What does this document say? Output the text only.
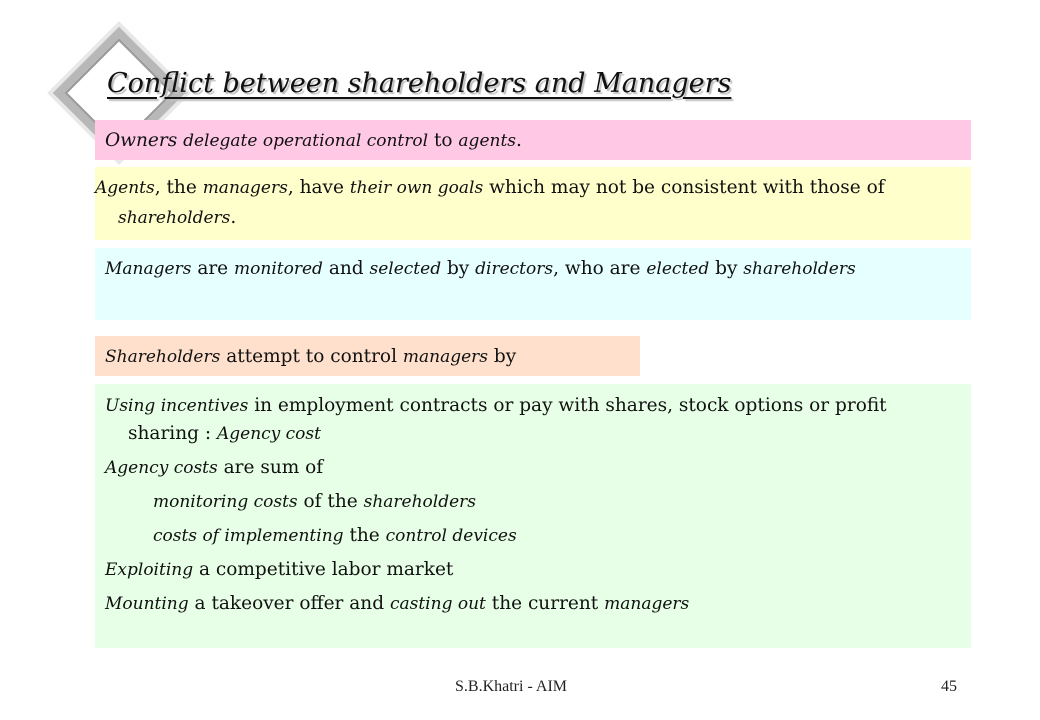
Conflict between shareholders and Managers
Owners delegate operational control to agents.
Agents, the managers, have their own goals which may not be consistent with those of shareholders.
Managers are monitored and selected by directors, who are elected by shareholders
Shareholders attempt to control managers by
Using incentives in employment contracts or pay with shares, stock options or profit sharing : Agency cost
Agency costs are sum of
monitoring costs of the shareholders
costs of implementing the control devices
Exploiting a competitive labor market
Mounting a takeover offer and casting out the current managers
S.B.Khatri - AIM	45
